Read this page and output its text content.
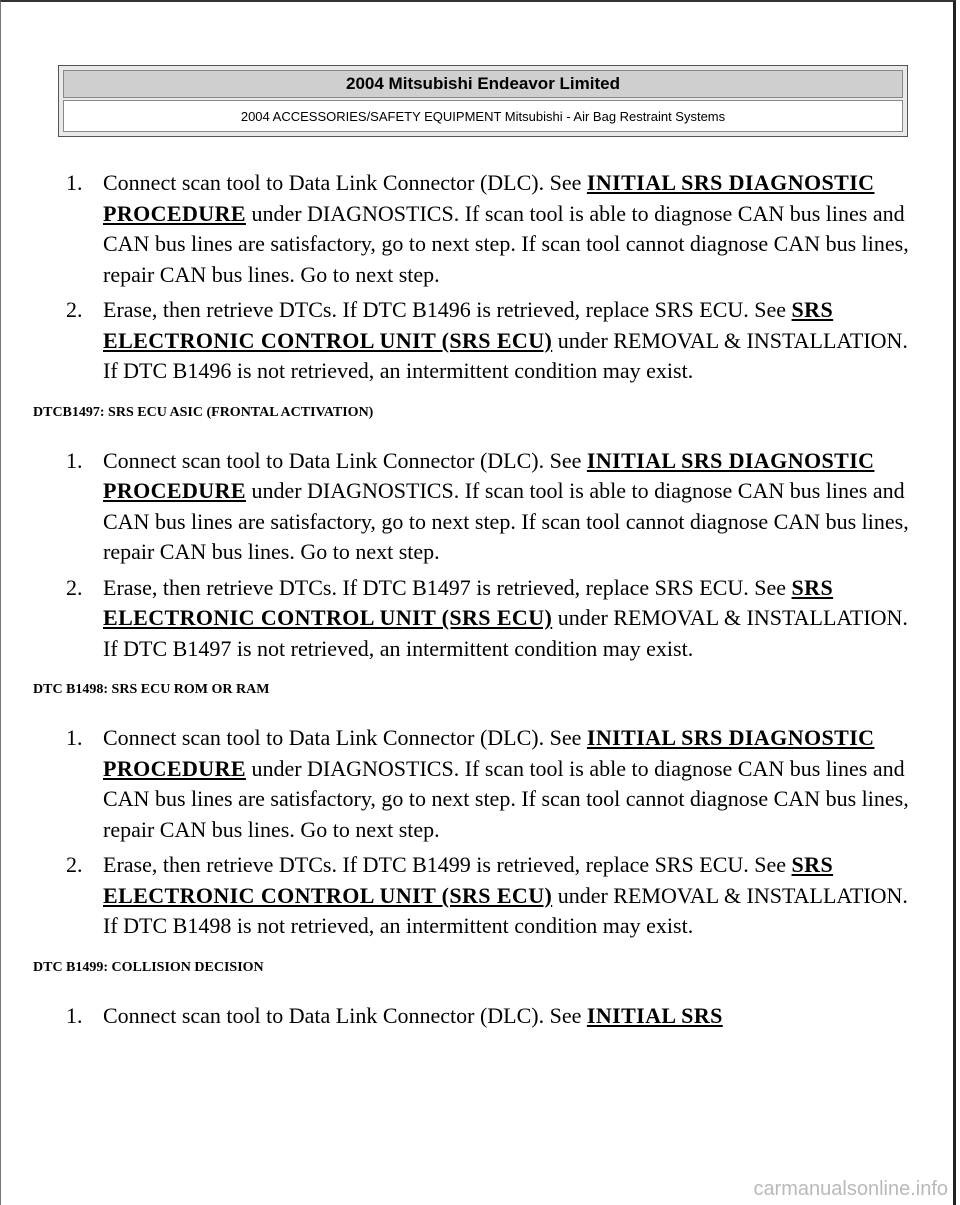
2004 Mitsubishi Endeavor Limited
2004 ACCESSORIES/SAFETY EQUIPMENT Mitsubishi - Air Bag Restraint Systems
1. Connect scan tool to Data Link Connector (DLC). See INITIAL SRS DIAGNOSTIC PROCEDURE under DIAGNOSTICS. If scan tool is able to diagnose CAN bus lines and CAN bus lines are satisfactory, go to next step. If scan tool cannot diagnose CAN bus lines, repair CAN bus lines. Go to next step.
2. Erase, then retrieve DTCs. If DTC B1496 is retrieved, replace SRS ECU. See SRS ELECTRONIC CONTROL UNIT (SRS ECU) under REMOVAL & INSTALLATION. If DTC B1496 is not retrieved, an intermittent condition may exist.
DTCB1497: SRS ECU ASIC (FRONTAL ACTIVATION)
1. Connect scan tool to Data Link Connector (DLC). See INITIAL SRS DIAGNOSTIC PROCEDURE under DIAGNOSTICS. If scan tool is able to diagnose CAN bus lines and CAN bus lines are satisfactory, go to next step. If scan tool cannot diagnose CAN bus lines, repair CAN bus lines. Go to next step.
2. Erase, then retrieve DTCs. If DTC B1497 is retrieved, replace SRS ECU. See SRS ELECTRONIC CONTROL UNIT (SRS ECU) under REMOVAL & INSTALLATION. If DTC B1497 is not retrieved, an intermittent condition may exist.
DTC B1498: SRS ECU ROM OR RAM
1. Connect scan tool to Data Link Connector (DLC). See INITIAL SRS DIAGNOSTIC PROCEDURE under DIAGNOSTICS. If scan tool is able to diagnose CAN bus lines and CAN bus lines are satisfactory, go to next step. If scan tool cannot diagnose CAN bus lines, repair CAN bus lines. Go to next step.
2. Erase, then retrieve DTCs. If DTC B1499 is retrieved, replace SRS ECU. See SRS ELECTRONIC CONTROL UNIT (SRS ECU) under REMOVAL & INSTALLATION. If DTC B1498 is not retrieved, an intermittent condition may exist.
DTC B1499: COLLISION DECISION
1. Connect scan tool to Data Link Connector (DLC). See INITIAL SRS
carmanualsonline.info
